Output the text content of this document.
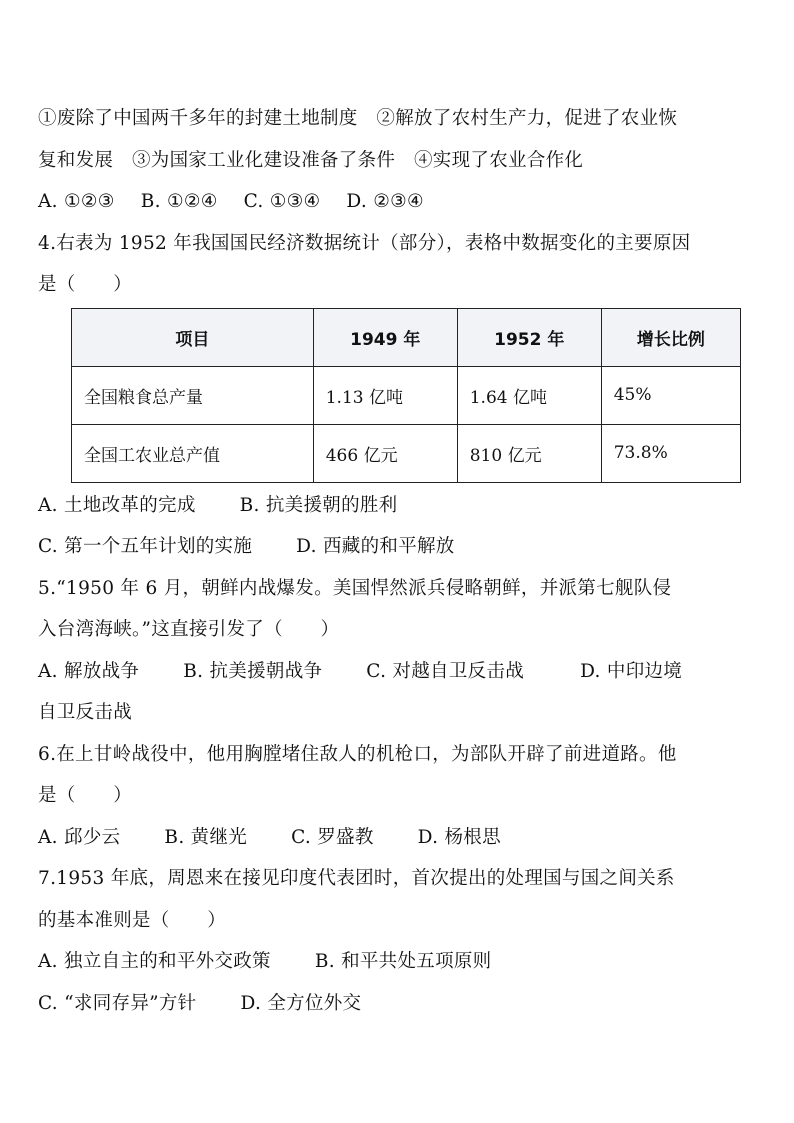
①废除了中国两千多年的封建土地制度　②解放了农村生产力，促进了农业恢
复和发展　③为国家工业化建设准备了条件　④实现了农业合作化
A. ①②③ B. ①②④ C. ①③④ D. ②③④
4.右表为 1952 年我国国民经济数据统计（部分），表格中数据变化的主要原因
是（　　）
项目	1949 年	1952 年	增长比例
全国粮食总产量	1.13 亿吨	1.64 亿吨	45%
全国工农业总产值	466 亿元	810 亿元	73.8%
A. 土地改革的完成 B. 抗美援朝的胜利
C. 第一个五年计划的实施 D. 西藏的和平解放
5.“1950 年 6 月，朝鲜内战爆发。美国悍然派兵侵略朝鲜，并派第七舰队侵
入台湾海峡。”这直接引发了（　　）
A. 解放战争 B. 抗美援朝战争 C. 对越自卫反击战	D. 中印边境
自卫反击战
6.在上甘岭战役中，他用胸膛堵住敌人的机枪口，为部队开辟了前进道路。他
是（　　）
A. 邱少云 B. 黄继光 C. 罗盛教 D. 杨根思
7.1953 年底，周恩来在接见印度代表团时，首次提出的处理国与国之间关系
的基本准则是（　　）
A. 独立自主的和平外交政策 B. 和平共处五项原则
C. “求同存异”方针 D. 全方位外交
